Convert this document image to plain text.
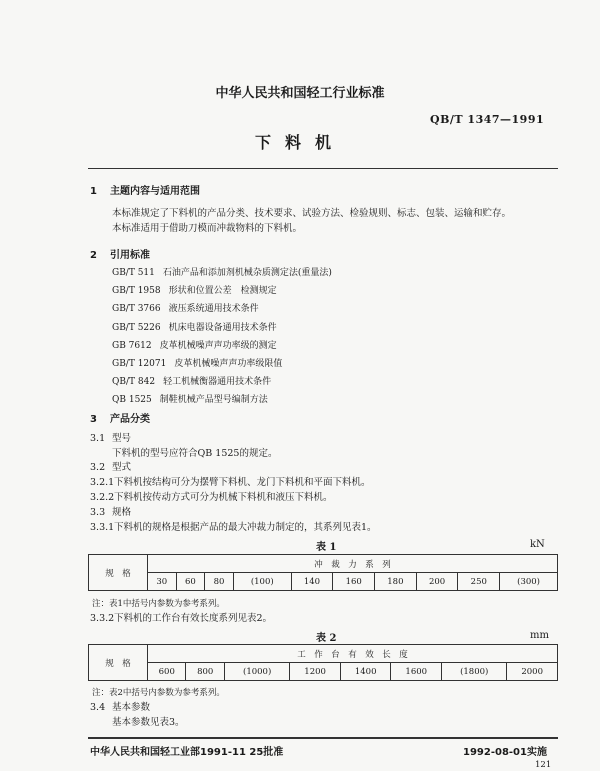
中华人民共和国轻工行业标准
QB/T 1347—1991
下料机
1 主题内容与适用范围
本标准规定了下料机的产品分类、技术要求、试验方法、检验规则、标志、包装、运输和贮存。
本标准适用于借助刀模而冲裁物料的下料机。
2 引用标准
GB/T 511 石油产品和添加剂机械杂质测定法(重量法)
GB/T 1958 形状和位置公差　检测规定
GB/T 3766 液压系统通用技术条件
GB/T 5226 机床电器设备通用技术条件
GB 7612 皮革机械噪声声功率级的测定
GB/T 12071 皮革机械噪声声功率级限值
QB/T 842 轻工机械衡器通用技术条件
QB 1525 制鞋机械产品型号编制方法
3 产品分类
3.1 型号
下料机的型号应符合QB 1525的规定。
3.2 型式
3.2.1下料机按结构可分为摆臂下料机、龙门下料机和平面下料机。
3.2.2下料机按传动方式可分为机械下料机和液压下料机。
3.3 规格
3.3.1下料机的规格是根据产品的最大冲裁力制定的，其系列见表1。
表 1	kN
规　格	冲　裁　力　系　列									
	30	60	80	(100)	140	160	180	200	250	(300)
注：表1中括号内参数为参考系列。
3.3.2下料机的工作台有效长度系列见表2。
表 2	mm
规　格	工　作　台　有　效　长　度							
	600	800	(1000)	1200	1400	1600	(1800)	2000
注：表2中括号内参数为参考系列。
3.4 基本参数
基本参数见表3。
中华人民共和国轻工业部1991-11 25批准	1992-08-01实施
121
